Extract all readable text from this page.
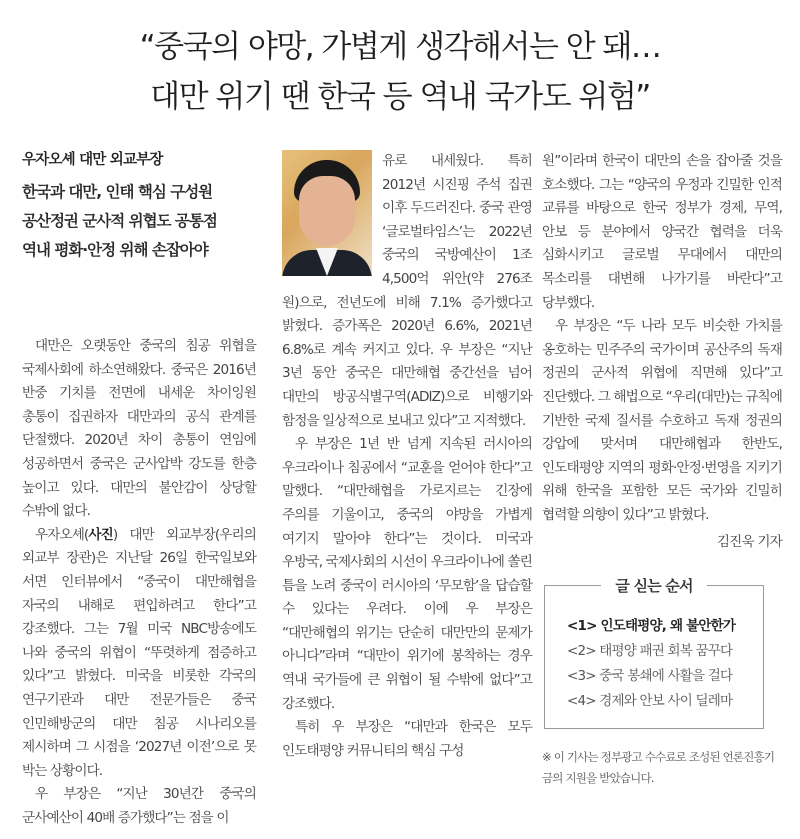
“중국의 야망, 가볍게 생각해서는 안 돼…
대만 위기 땐 한국 등 역내 국가도 위험”
우자오셰 대만 외교부장
한국과 대만, 인태 핵심 구성원
공산정권 군사적 위협도 공통점
역내 평화·안정 위해 손잡아야

대만은 오랫동안 중국의 침공 위협을 국제사회에 하소연해왔다. 중국은 2016년 반중 기치를 전면에 내세운 차이잉원 총통이 집권하자 대만과의 공식 관계를 단절했다. 2020년 차이 총통이 연임에 성공하면서 중국은 군사압박 강도를 한층 높이고 있다. 대만의 불안감이 상당할 수밖에 없다.

우자오셰(사진) 대만 외교부장(우리의 외교부 장관)은 지난달 26일 한국일보와 서면 인터뷰에서 “중국이 대만해협을 자국의 내해로 편입하려고 한다”고 강조했다. 그는 7월 미국 NBC방송에도 나와 중국의 위협이 “뚜렷하게 점증하고 있다”고 밝혔다. 미국을 비롯한 각국의 연구기관과 대만 전문가들은 중국 인민해방군의 대만 침공 시나리오를 제시하며 그 시점을 ‘2027년 이전’으로 못 박는 상황이다.

우 부장은 “지난 30년간 중국의 군사예산이 40배 증가했다”는 점을 이

유로 내세웠다. 특히 2012년 시진핑 주석 집권 이후 두드러진다. 중국 관영 ‘글로벌타임스’는 2022년 중국의 국방예산이 1조 4,500억 위안(약 276조 원)으로, 전년도에 비해 7.1% 증가했다고 밝혔다. 증가폭은 2020년 6.6%, 2021년 6.8%로 계속 커지고 있다. 우 부장은 “지난 3년 동안 중국은 대만해협 중간선을 넘어 대만의 방공식별구역(ADIZ)으로 비행기와 함정을 일상적으로 보내고 있다”고 지적했다.

우 부장은 1년 반 넘게 지속된 러시아의 우크라이나 침공에서 “교훈을 얻어야 한다”고 말했다. “대만해협을 가로지르는 긴장에 주의를 기울이고, 중국의 야망을 가볍게 여기지 말아야 한다”는 것이다. 미국과 우방국, 국제사회의 시선이 우크라이나에 쏠린 틈을 노려 중국이 러시아의 ‘무모함’을 답습할 수 있다는 우려다. 이에 우 부장은 “대만해협의 위기는 단순히 대만만의 문제가 아니다”라며 “대만이 위기에 봉착하는 경우 역내 국가들에 큰 위협이 될 수밖에 없다”고 강조했다.

특히 우 부장은 “대만과 한국은 모두 인도태평양 커뮤니티의 핵심 구성

원”이라며 한국이 대만의 손을 잡아줄 것을 호소했다. 그는 “양국의 우정과 긴밀한 인적 교류를 바탕으로 한국 정부가 경제, 무역, 안보 등 분야에서 양국간 협력을 더욱 심화시키고 글로벌 무대에서 대만의 목소리를 대변해 나가기를 바란다”고 당부했다.

우 부장은 “두 나라 모두 비슷한 가치를 옹호하는 민주주의 국가이며 공산주의 독재 정권의 군사적 위협에 직면해 있다”고 진단했다. 그 해법으로 “우리(대만)는 규칙에 기반한 국제 질서를 수호하고 독재 정권의 강압에 맞서며 대만해협과 한반도, 인도태평양 지역의 평화·안정·번영을 지키기 위해 한국을 포함한 모든 국가와 긴밀히 협력할 의향이 있다”고 밝혔다.

김진욱 기자
글 싣는 순서
<1> 인도태평양, 왜 불안한가
<2> 태평양 패권 회복 꿈꾸다
<3> 중국 봉쇄에 사활을 걸다
<4> 경제와 안보 사이 딜레마
※ 이 기사는 정부광고 수수료로 조성된 언론진흥기금의 지원을 받았습니다.
